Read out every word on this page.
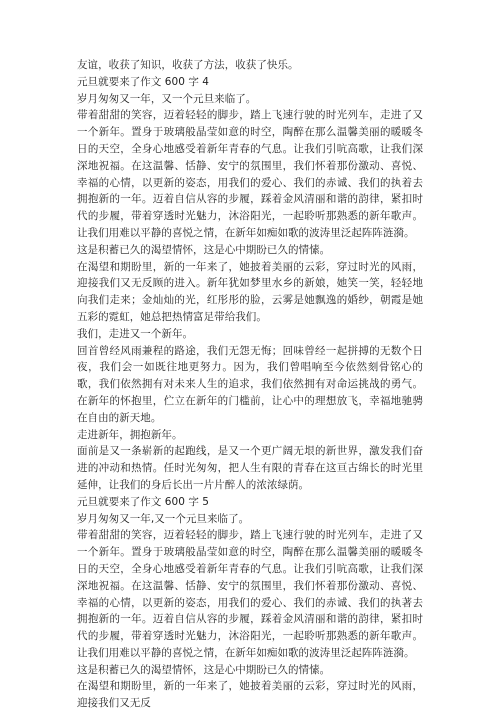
友谊，收获了知识，收获了方法，收获了快乐。

元旦就要来了作文 600 字 4

岁月匆匆又一年，又一个元旦来临了。

带着甜甜的笑容，迈着轻轻的脚步，踏上飞速行驶的时光列车，走进了又一个新年。置身于玻璃般晶莹如意的时空，陶醉在那么温馨美丽的暖暖冬日的天空，全身心地感受着新年青春的气息。让我们引吭高歌，让我们深深地祝福。在这温馨、恬静、安宁的氛围里，我们怀着那份激动、喜悦、幸福的心情，以更新的姿态，用我们的爱心、我们的赤诚、我们的执着去拥抱新的一年。迈着自信从容的步履，踩着金风清丽和谐的韵律，紧扣时代的步履，带着穿透时光魅力，沐浴阳光，一起聆听那熟悉的新年歌声。让我们用难以平静的喜悦之情，在新年如痴如歌的波涛里泛起阵阵涟漪。

这是积蓄已久的渴望情怀，这是心中期盼已久的情愫。

在渴望和期盼里，新的一年来了，她披着美丽的云彩，穿过时光的风雨，迎接我们又无反顾的进入。新年犹如梦里水乡的新娘，她笑一笑，轻轻地向我们走来；金灿灿的光，红彤彤的脸，云雾是她飘逸的婚纱，朝霞是她五彩的霓虹，她总把热情富足带给我们。

我们，走进又一个新年。

回首曾经风雨兼程的路途，我们无怨无悔；回味曾经一起拼搏的无数个日夜，我们会一如既往地更努力。因为，我们曾唱响至今依然刻骨铭心的歌，我们依然拥有对未来人生的追求，我们依然拥有对命运挑战的勇气。在新年的怀抱里，伫立在新年的门槛前，让心中的理想放飞，幸福地驰骋在自由的新天地。

走进新年，拥抱新年。

面前是又一条崭新的起跑线，是又一个更广阔无垠的新世界，激发我们奋进的冲动和热情。任时光匆匆，把人生有限的青春在这亘古绵长的时光里延伸，让我们的身后长出一片片醉人的浓浓绿荫。

元旦就要来了作文 600 字 5

岁月匆匆又一年,又一个元旦来临了。

带着甜甜的笑容，迈着轻轻的脚步，踏上飞速行驶的时光列车，走进了又一个新年。置身于玻璃般晶莹如意的时空，陶醉在那么温馨美丽的暖暖冬日的天空，全身心地感受着新年青春的气息。让我们引吭高歌，让我们深深地祝福。在这温馨、恬静、安宁的氛围里，我们怀着那份激动、喜悦、幸福的心情，以更新的姿态，用我们的爱心、我们的赤诚、我们的执著去拥抱新的一年。迈着自信从容的步履，踩着金风清丽和谐的韵律，紧扣时代的步履，带着穿透时光魅力，沐浴阳光，一起聆听那熟悉的新年歌声。让我们用难以平静的喜悦之情，在新年如痴如歌的波涛里泛起阵阵涟漪。

这是积蓄已久的渴望情怀，这是心中期盼已久的情愫。

在渴望和期盼里，新的一年来了，她披着美丽的云彩，穿过时光的风雨，迎接我们又无反
